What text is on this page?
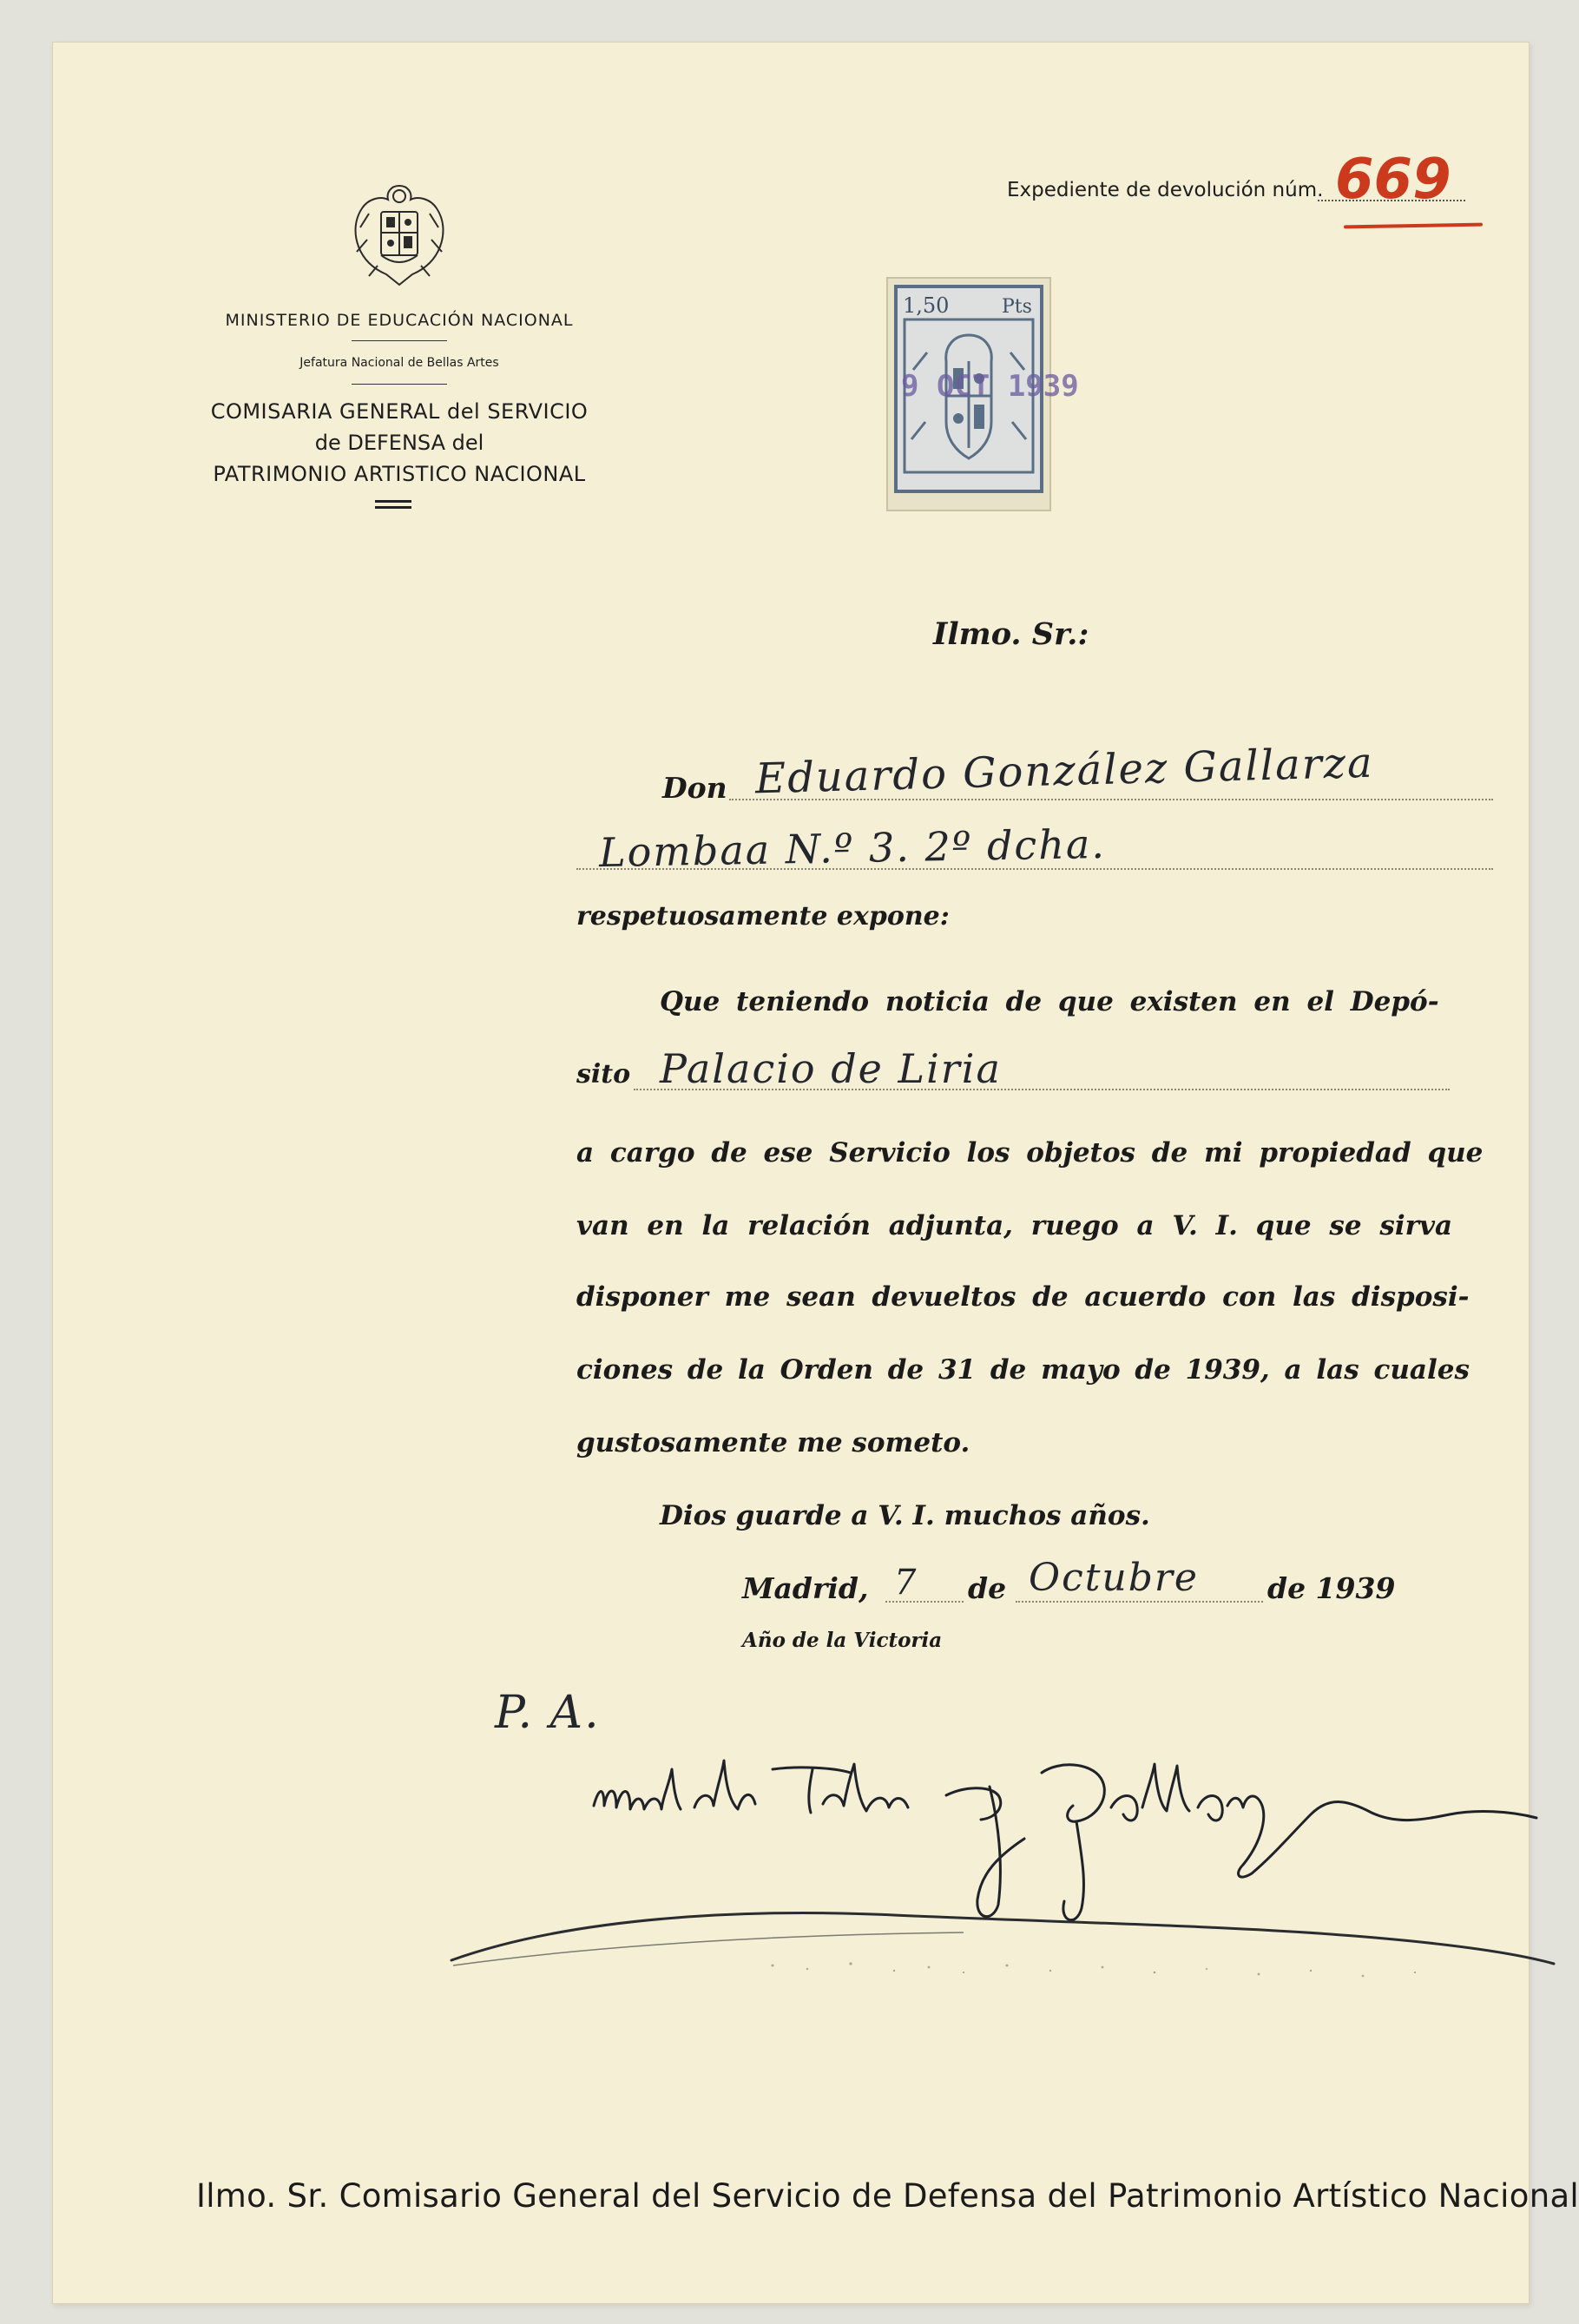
MINISTERIO DE EDUCACIÓN NACIONAL
Jefatura Nacional de Bellas Artes
COMISARIA GENERAL del SERVICIO
de DEFENSA del
PATRIMONIO ARTISTICO NACIONAL
Expediente de devolución núm. 669
1,50	Pts
9 OCT 1939
Ilmo. Sr.:
Don Eduardo González Gallarza
Lombaa N.º 3. 2º dcha.
respetuosamente expone:
Que teniendo noticia de que existen en el Depó-
sito Palacio de Liria
a cargo de ese Servicio los objetos de mi propiedad que
van en la relación adjunta, ruego a V. I. que se sirva
disponer me sean devueltos de acuerdo con las disposi-
ciones de la Orden de 31 de mayo de 1939, a las cuales
gustosamente me someto.
Dios guarde a V. I. muchos años.
Madrid, 7 de Octubre de 1939
Año de la Victoria
P. A.
Ilmo. Sr. Comisario General del Servicio de Defensa del Patrimonio Artístico Nacional
